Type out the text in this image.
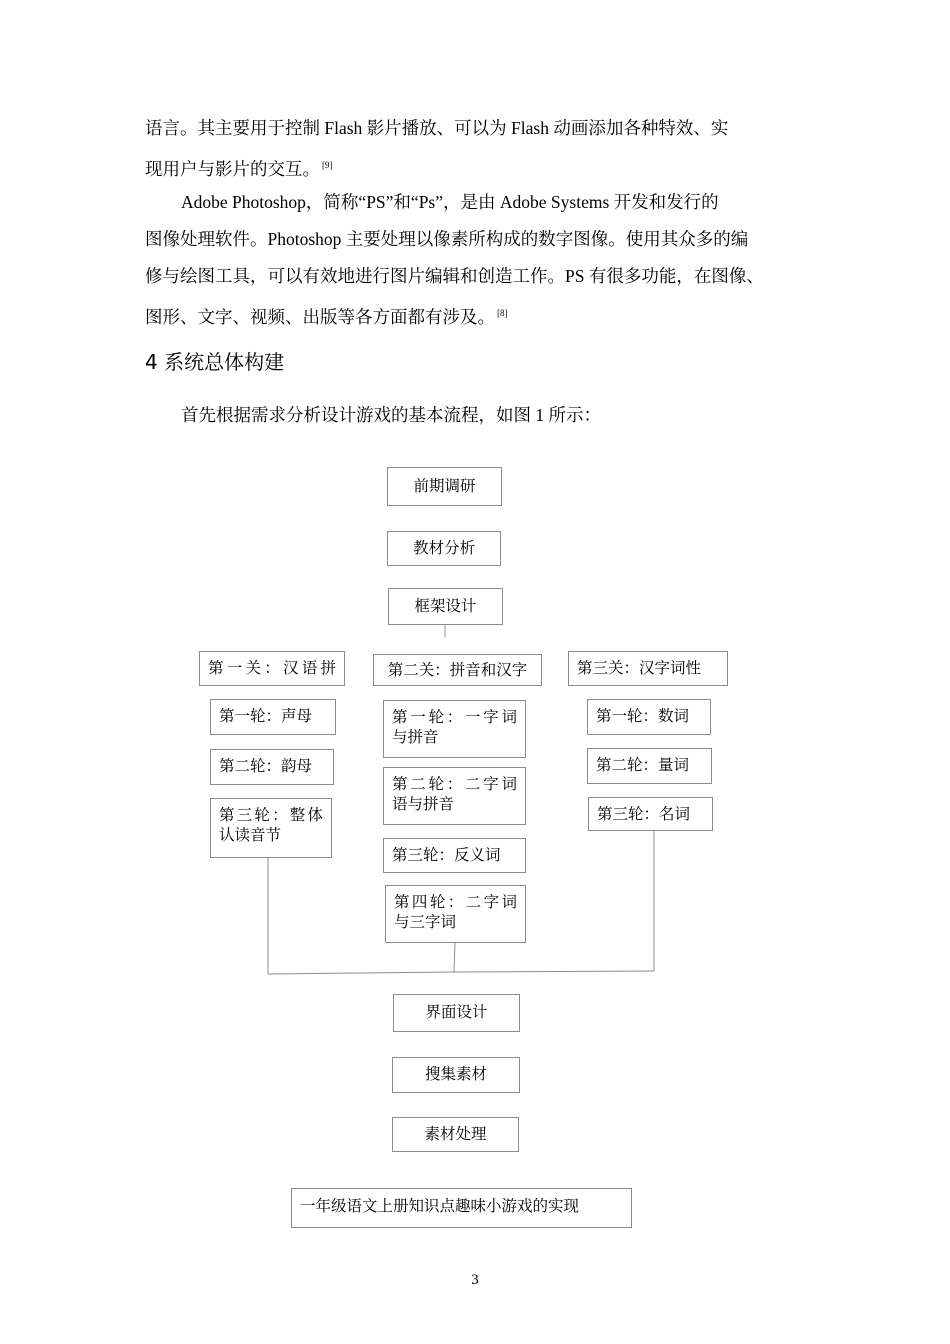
语言。其主要用于控制 Flash 影片播放、可以为 Flash 动画添加各种特效、实
现用户与影片的交互。 [9]

Adobe Photoshop，简称“PS”和“Ps”，是由 Adobe Systems 开发和发行的
图像处理软件。Photoshop 主要处理以像素所构成的数字图像。使用其众多的编
修与绘图工具，可以有效地进行图片编辑和创造工作。PS 有很多功能，在图像、
图形、文字、视频、出版等各方面都有涉及。 [8]

4 系统总体构建

首先根据需求分析设计游戏的基本流程，如图 1 所示：

前期调研
教材分析
框架设计
第一关：汉语拼
第一轮：声母
第二轮：韵母
第三轮：整体
认读音节
第二关：拼音和汉字
第一轮：一字词
与拼音
第二轮：二字词
语与拼音
第三轮：反义词
第四轮：二字词
与三字词
第三关：汉字词性
第一轮：数词
第二轮：量词
第三轮：名词
界面设计
搜集素材
素材处理
一年级语文上册知识点趣味小游戏的实现
3
